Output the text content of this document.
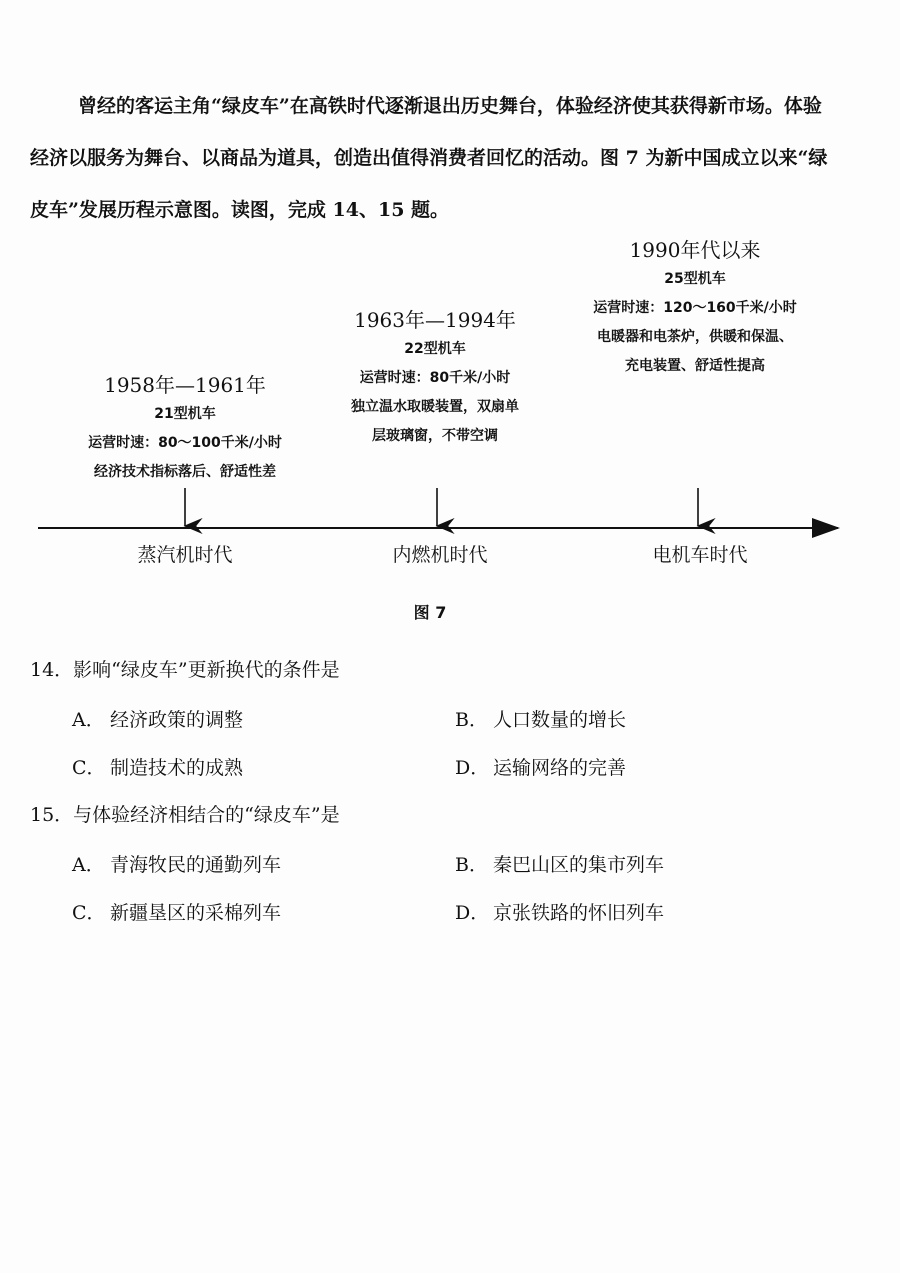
曾经的客运主角“绿皮车”在高铁时代逐渐退出历史舞台，体验经济使其获得新市场。体验经济以服务为舞台、以商品为道具，创造出值得消费者回忆的活动。图 7 为新中国成立以来“绿皮车”发展历程示意图。读图，完成 14、15 题。

1958年—1961年
21型机车
运营时速：80～100千米/小时
经济技术指标落后、舒适性差
1963年—1994年
22型机车
运营时速：80千米/小时
独立温水取暖装置，双扇单
层玻璃窗，不带空调
1990年代以来
25型机车
运营时速：120～160千米/小时
电暖器和电茶炉，供暖和保温、
充电装置、舒适性提高
蒸汽机时代	内燃机时代	电机车时代
图 7
14．影响“绿皮车”更新换代的条件是
A． 经济政策的调整	B． 人口数量的增长
C． 制造技术的成熟	D． 运输网络的完善
15．与体验经济相结合的“绿皮车”是
A． 青海牧民的通勤列车	B． 秦巴山区的集市列车
C． 新疆垦区的采棉列车	D． 京张铁路的怀旧列车
